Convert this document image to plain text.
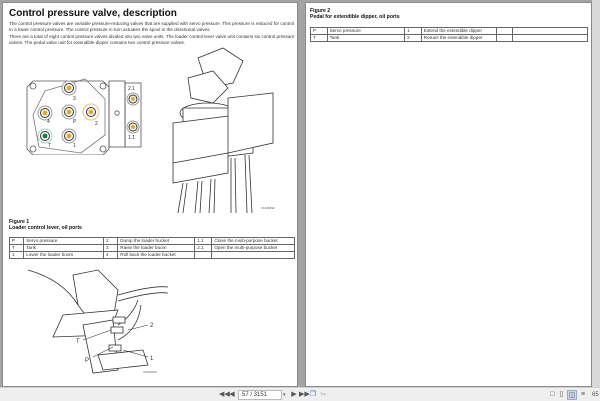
Control pressure valve, description

The control pressure valves are variable pressure-reducing valves that are supplied with servo pressure. This pressure is reduced for control to a lower control pressure. The control pressure in turn actuates the spool in the directional valves.

There are a total of eight control pressure valves divided into two valve units. The loader control lever valve unit contains six control pressure valves. The pedal valve unit for extendible dipper contains two control pressure valves.

3
4	P	2
T	1
2.1
1.1
V1026832
Figure 1
Loader control lever, oil ports
P	Servo pressure	2	Dump the loader bucket	1.1	Close the multi-purpose bucket
T	Tank	3	Raise the loader boom	2.1	Open the multi-purpose bucket
1	Lower the loader boom	4	Roll back the loader bucket		
2
T
P	1
V1026449
Figure 2
Pedal for extendible dipper, oil ports
P	Servo pressure	1	Extend the extendible dipper		
T	Tank	2	Retract the extendible dipper		
◀◀ ◀	57 / 3151	▾ ▶ ▶▶ ❐ ⇋	□ ▯ ◫ ≡	65
